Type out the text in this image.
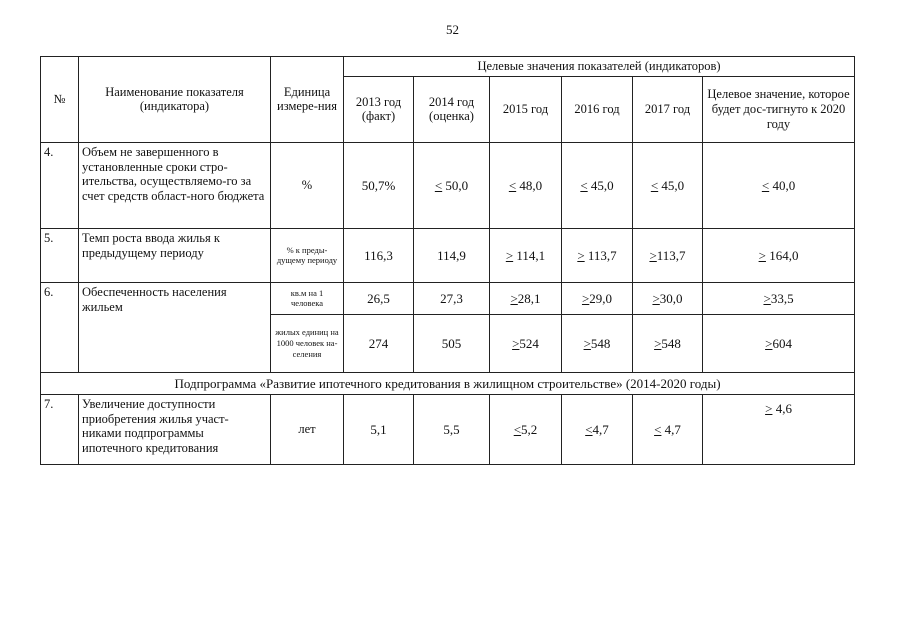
52
№	Наименование показателя (индикатора)	Единица измере-ния	Целевые значения показателей (индикаторов)					
			2013 год (факт)	2014 год (оценка)	2015 год	2016 год	2017 год	Целевое значение, которое будет дос-тигнуто к 2020 году
4.	Объем не завершенного в установленные сроки стро-ительства, осуществляемо-го за счет средств област-ного бюджета	%	50,7%	< 50,0	< 48,0	< 45,0	< 45,0	< 40,0
5.	Темп роста ввода жилья к предыдущему периоду	% к преды-дущему периоду	116,3	114,9	> 114,1	> 113,7	>113,7	> 164,0
6.	Обеспеченность населения жильем	кв.м на 1 человека	26,5	27,3	>28,1	>29,0	>30,0	>33,5
		жилых единиц на 1000 человек на-селения	274	505	>524	>548	>548	>604
Подпрограмма «Развитие ипотечного кредитования в жилищном строительстве» (2014-2020 годы)								
7.	Увеличение доступности приобретения жилья участ-никами подпрограммы ипотечного кредитования	лет	5,1	5,5	<5,2	<4,7	< 4,7	> 4,6
